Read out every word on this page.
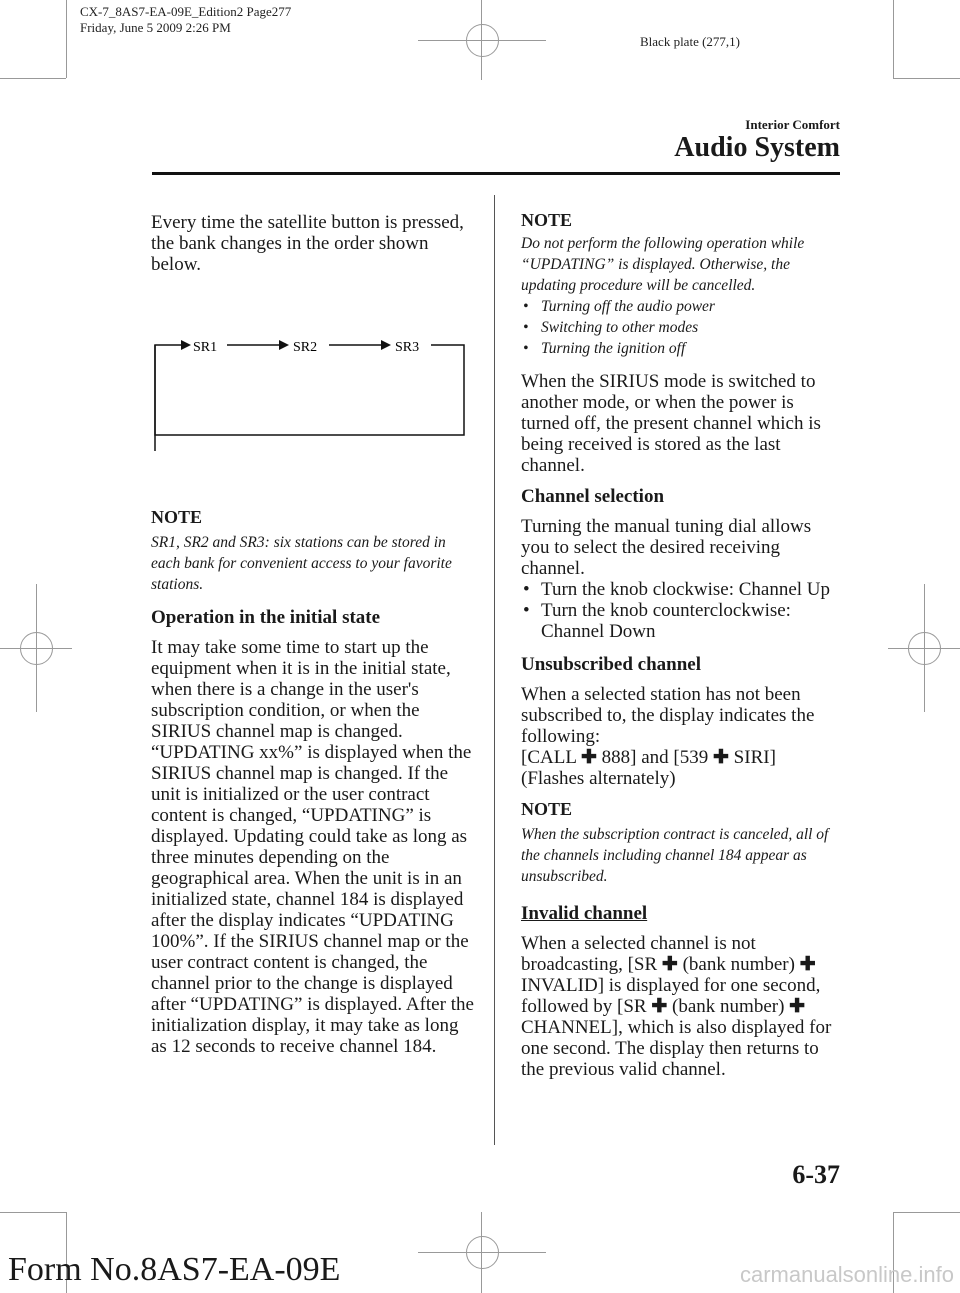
CX-7_8AS7-EA-09E_Edition2 Page277
Friday, June 5 2009 2:26 PM
Black plate (277,1)
Interior Comfort
Audio System

Every time the satellite button is pressed, the bank changes in the order shown below.

SR1	SR2	SR3

NOTE

SR1, SR2 and SR3: six stations can be stored in each bank for convenient access to your favorite stations.

Operation in the initial state

It may take some time to start up the equipment when it is in the initial state, when there is a change in the user's subscription condition, or when the SIRIUS channel map is changed. “UPDATING xx%” is displayed when the SIRIUS channel map is changed. If the unit is initialized or the user contract content is changed, “UPDATING” is displayed. Updating could take as long as three minutes depending on the geographical area. When the unit is in an initialized state, channel 184 is displayed after the display indicates “UPDATING 100%”. If the SIRIUS channel map or the user contract content is changed, the channel prior to the change is displayed after “UPDATING” is displayed. After the initialization display, it may take as long as 12 seconds to receive channel 184.

NOTE

Do not perform the following operation while “UPDATING” is displayed. Otherwise, the updating procedure will be cancelled.

• Turning off the audio power
• Switching to other modes
• Turning the ignition off

When the SIRIUS mode is switched to another mode, or when the power is turned off, the present channel which is being received is stored as the last channel.

Channel selection

Turning the manual tuning dial allows you to select the desired receiving channel.

• Turn the knob clockwise: Channel Up
• Turn the knob counterclockwise: Channel Down

Unsubscribed channel

When a selected station has not been subscribed to, the display indicates the following:

[CALL ✚ 888] and [539 ✚ SIRI]

(Flashes alternately)

NOTE

When the subscription contract is canceled, all of the channels including channel 184 appear as unsubscribed.

Invalid channel

When a selected channel is not broadcasting, [SR ✚ (bank number) ✚ INVALID] is displayed for one second, followed by [SR ✚ (bank number) ✚ CHANNEL], which is also displayed for one second. The display then returns to the previous valid channel.

6-37
Form No.8AS7-EA-09E	carmanualsonline.info
